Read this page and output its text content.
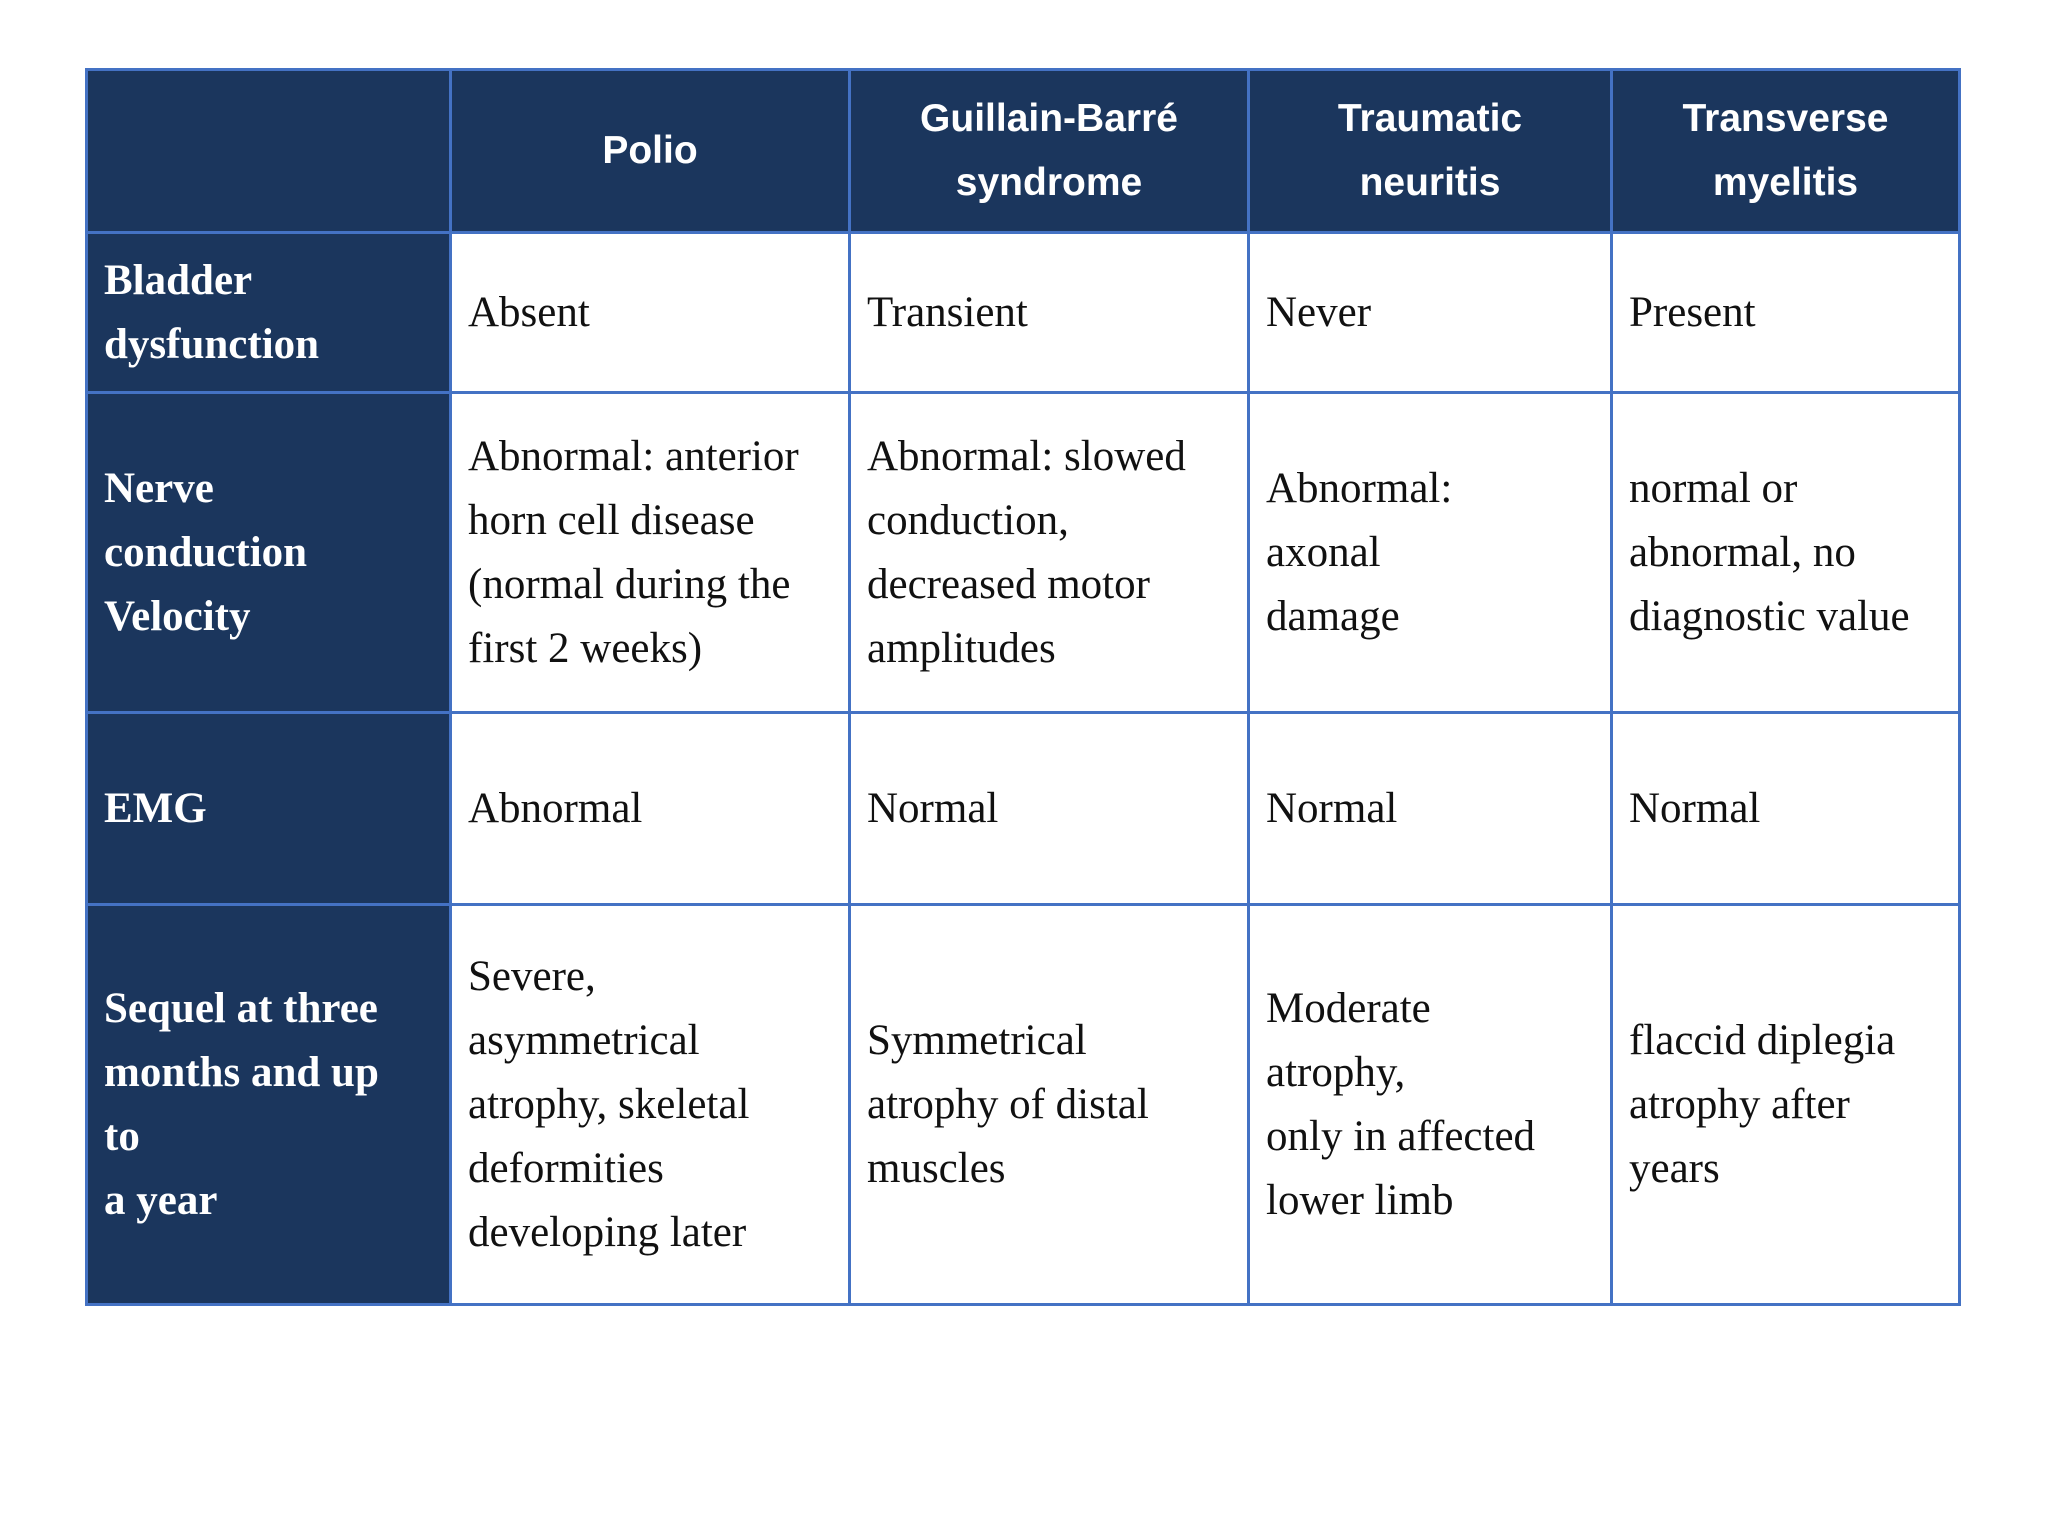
	Polio	Guillain-Barré
syndrome	Traumatic
neuritis	Transverse
myelitis

Bladder
dysfunction	Absent	Transient	Never	Present

Nerve
conduction
Velocity	Abnormal: anterior
horn cell disease
(normal during the
first 2 weeks)	Abnormal: slowed
conduction,
decreased motor
amplitudes	Abnormal:
axonal
damage	normal or
abnormal, no
diagnostic value

EMG	Abnormal	Normal	Normal	Normal

Sequel at three
months and up
to
a year	Severe,
asymmetrical
atrophy, skeletal
deformities
developing later	Symmetrical
atrophy of distal
muscles	Moderate
atrophy,
only in affected
lower limb	flaccid diplegia
atrophy after
years
